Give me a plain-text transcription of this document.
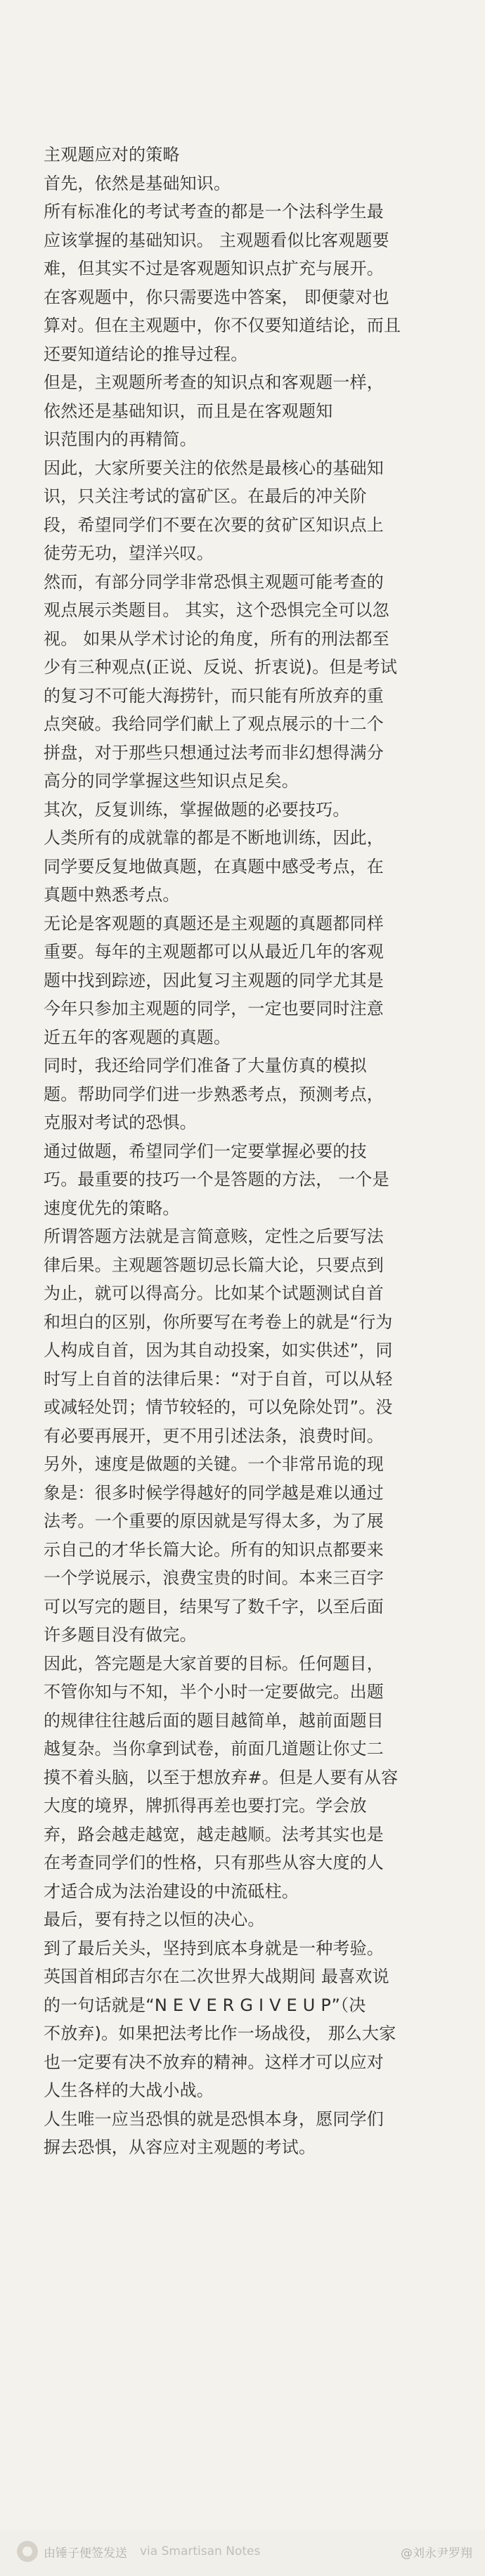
主观题应对的策略
首先，依然是基础知识。
所有标准化的考试考查的都是一个法科学生最
应该掌握的基础知识。 主观题看似比客观题要
难，但其实不过是客观题知识点扩充与展开。
在客观题中，你只需要选中答案， 即便蒙对也
算对。但在主观题中，你不仅要知道结论，而且
还要知道结论的推导过程。
但是，主观题所考查的知识点和客观题一样，
依然还是基础知识，而且是在客观题知
识范围内的再精简。
因此，大家所要关注的依然是最核心的基础知
识，只关注考试的富矿区。在最后的冲关阶
段，希望同学们不要在次要的贫矿区知识点上
徒劳无功，望洋兴叹。
然而，有部分同学非常恐惧主观题可能考查的
观点展示类题目。 其实，这个恐惧完全可以忽
视。 如果从学术讨论的角度，所有的刑法都至
少有三种观点(正说、反说、折衷说)。但是考试
的复习不可能大海捞针，而只能有所放弃的重
点突破。我给同学们献上了观点展示的十二个
拼盘，对于那些只想通过法考而非幻想得满分
高分的同学掌握这些知识点足矣。
其次，反复训练，掌握做题的必要技巧。
人类所有的成就靠的都是不断地训练，因此，
同学要反复地做真题，在真题中感受考点，在
真题中熟悉考点。
无论是客观题的真题还是主观题的真题都同样
重要。每年的主观题都可以从最近几年的客观
题中找到踪迹，因此复习主观题的同学尤其是
今年只参加主观题的同学，一定也要同时注意
近五年的客观题的真题。
同时，我还给同学们准备了大量仿真的模拟
题。帮助同学们进一步熟悉考点，预测考点，
克服对考试的恐惧。
通过做题，希望同学们一定要掌握必要的技
巧。最重要的技巧一个是答题的方法， 一个是
速度优先的策略。
所谓答题方法就是言简意赅，定性之后要写法
律后果。主观题答题切忌长篇大论，只要点到
为止，就可以得高分。比如某个试题测试自首
和坦白的区别，你所要写在考卷上的就是“行为
人构成自首，因为其自动投案，如实供述”，同
时写上自首的法律后果：“对于自首，可以从轻
或减轻处罚；情节较轻的，可以免除处罚”。没
有必要再展开，更不用引述法条，浪费时间。
另外，速度是做题的关键。一个非常吊诡的现
象是：很多时候学得越好的同学越是难以通过
法考。一个重要的原因就是写得太多，为了展
示自己的才华长篇大论。所有的知识点都要来
一个学说展示，浪费宝贵的时间。本来三百字
可以写完的题目，结果写了数千字，以至后面
许多题目没有做完。
因此，答完题是大家首要的目标。任何题目，
不管你知与不知，半个小时一定要做完。出题
的规律往往越后面的题目越简单，越前面题目
越复杂。当你拿到试卷，前面几道题让你丈二
摸不着头脑，以至于想放弃#。但是人要有从容
大度的境界，牌抓得再差也要打完。学会放
弃，路会越走越宽，越走越顺。法考其实也是
在考查同学们的性格，只有那些从容大度的人
才适合成为法治建设的中流砥柱。
最后，要有持之以恒的决心。
到了最后关头，坚持到底本身就是一种考验。
英国首相邱吉尔在二次世界大战期间 最喜欢说
的一句话就是“N E V E R G I V E U P”（决
不放弃)。如果把法考比作一场战役， 那么大家
也一定要有决不放弃的精神。这样才可以应对
人生各样的大战小战。
人生唯一应当恐惧的就是恐惧本身，愿同学们
摒去恐惧，从容应对主观题的考试。
由锤子便签发送 via Smartisan Notes	@刘永尹罗翔
